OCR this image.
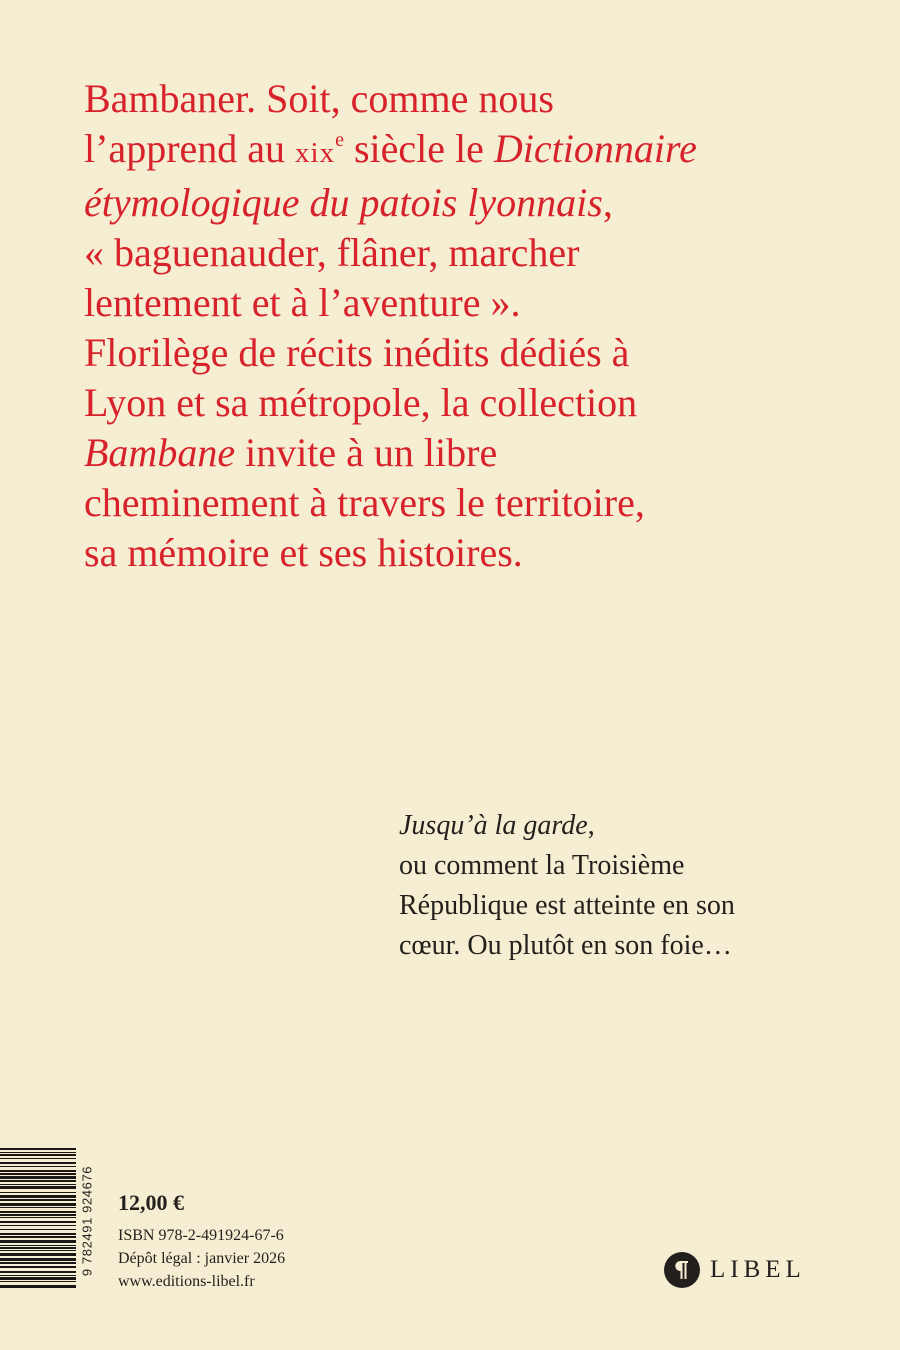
Bambaner. Soit, comme nous
l’apprend au xix$^e$ siècle le Dictionnaire
étymologique du patois lyonnais,
« baguenauder, flâner, marcher
lentement et à l’aventure ».
Florilège de récits inédits dédiés à
Lyon et sa métropole, la collection
Bambane invite à un libre
cheminement à travers le territoire,
sa mémoire et ses histoires.
Jusqu’à la garde,
ou comment la Troisième
République est atteinte en son
cœur. Ou plutôt en son foie…
9 782491 924676 12,00 €
ISBN 978-2-491924-67-6
Dépôt légal : janvier 2026
www.editions-libel.fr	LIBEL
